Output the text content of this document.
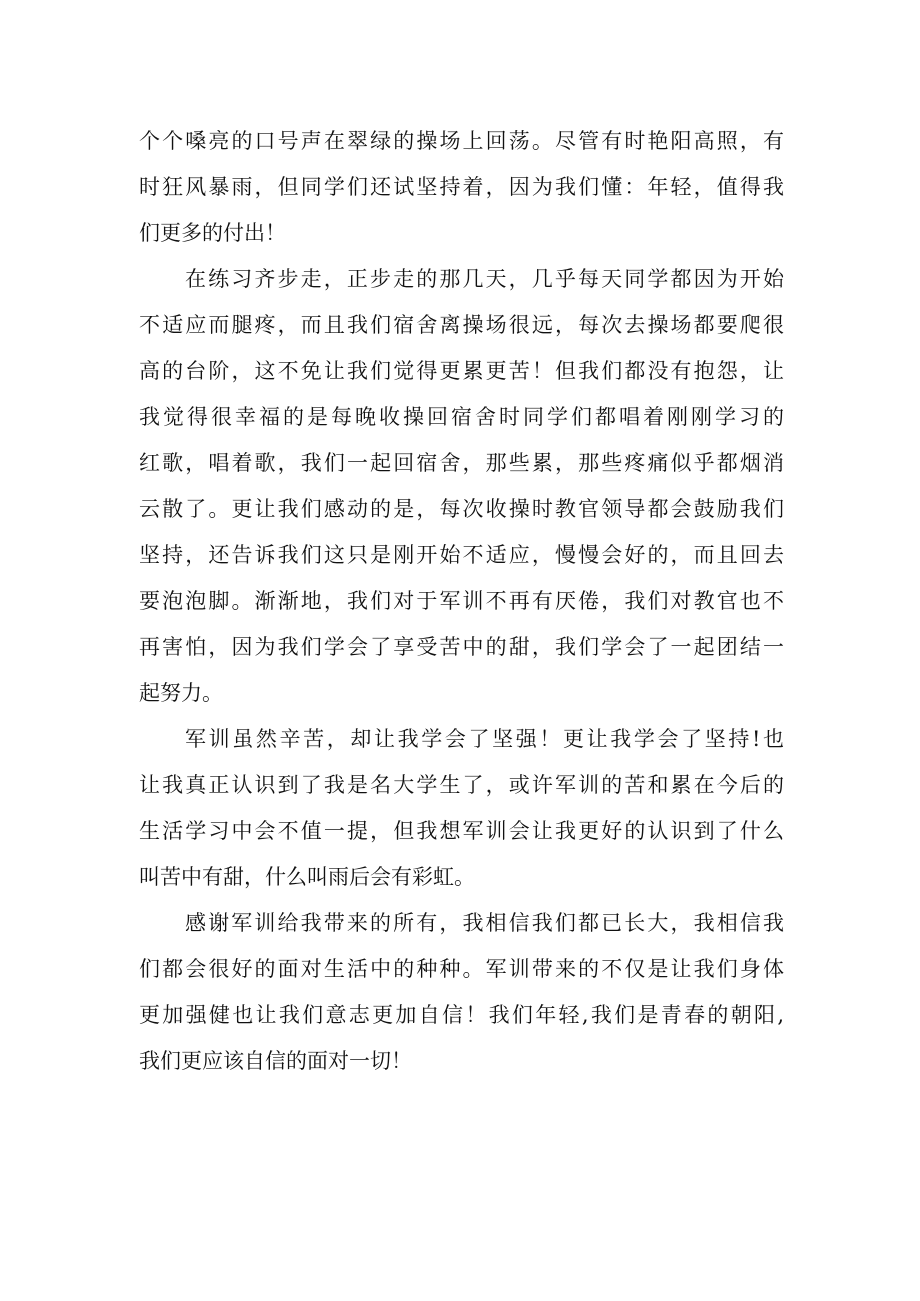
个个嗓亮的口号声在翠绿的操场上回荡。尽管有时艳阳高照，有
时狂风暴雨，但同学们还试坚持着，因为我们懂：年轻，值得我
们更多的付出！
在练习齐步走，正步走的那几天，几乎每天同学都因为开始
不适应而腿疼，而且我们宿舍离操场很远，每次去操场都要爬很
高的台阶，这不免让我们觉得更累更苦！但我们都没有抱怨，让
我觉得很幸福的是每晚收操回宿舍时同学们都唱着刚刚学习的
红歌，唱着歌，我们一起回宿舍，那些累，那些疼痛似乎都烟消
云散了。更让我们感动的是，每次收操时教官领导都会鼓励我们
坚持，还告诉我们这只是刚开始不适应，慢慢会好的，而且回去
要泡泡脚。渐渐地，我们对于军训不再有厌倦，我们对教官也不
再害怕，因为我们学会了享受苦中的甜，我们学会了一起团结一
起努力。
军训虽然辛苦，却让我学会了坚强！更让我学会了坚持!也
让我真正认识到了我是名大学生了，或许军训的苦和累在今后的
生活学习中会不值一提，但我想军训会让我更好的认识到了什么
叫苦中有甜，什么叫雨后会有彩虹。
感谢军训给我带来的所有，我相信我们都已长大，我相信我
们都会很好的面对生活中的种种。军训带来的不仅是让我们身体
更加强健也让我们意志更加自信！我们年轻,我们是青春的朝阳,
我们更应该自信的面对一切！
